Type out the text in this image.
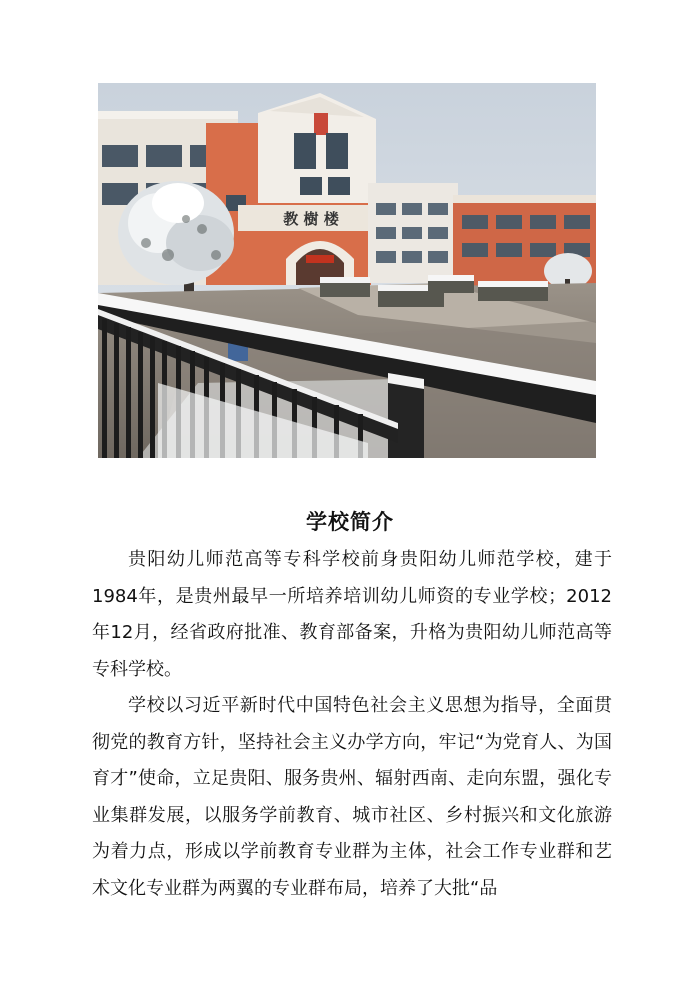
教 樹 楼
学校简介

贵阳幼儿师范高等专科学校前身贵阳幼儿师范学校，建于1984年，是贵州最早一所培养培训幼儿师资的专业学校；2012年12月，经省政府批准、教育部备案，升格为贵阳幼儿师范高等专科学校。

学校以习近平新时代中国特色社会主义思想为指导，全面贯彻党的教育方针，坚持社会主义办学方向，牢记“为党育人、为国育才”使命，立足贵阳、服务贵州、辐射西南、走向东盟，强化专业集群发展，以服务学前教育、城市社区、乡村振兴和文化旅游为着力点，形成以学前教育专业群为主体，社会工作专业群和艺术文化专业群为两翼的专业群布局，培养了大批“品
